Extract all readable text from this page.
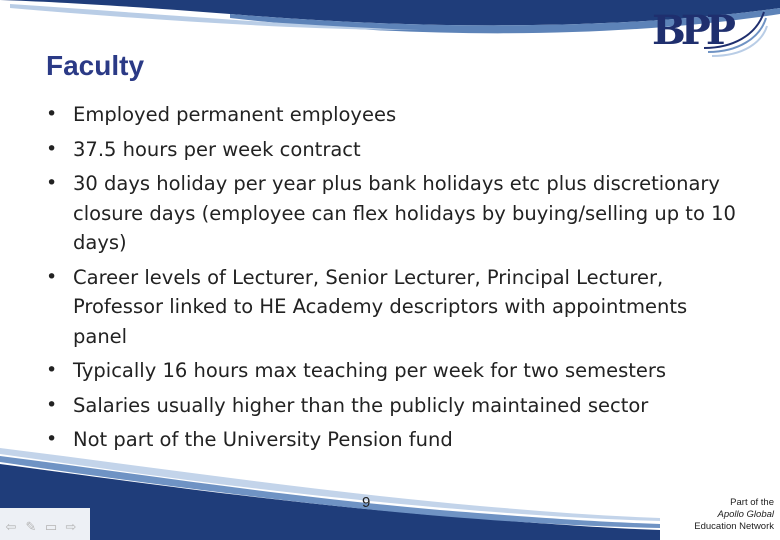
BPP
Faculty
• Employed permanent employees
• 37.5 hours per week contract
• 30 days holiday per year plus bank holidays etc plus discretionary closure days (employee can flex holidays by buying/selling up to 10 days)
• Career levels of Lecturer, Senior Lecturer, Principal Lecturer, Professor linked to HE Academy descriptors with appointments panel
• Typically 16 hours max teaching per week for two semesters
• Salaries usually higher than the publicly maintained sector
• Not part of the University Pension fund
9	Part of the
Apollo Global
Education Network
⇦ ✎ ▭ ⇨
